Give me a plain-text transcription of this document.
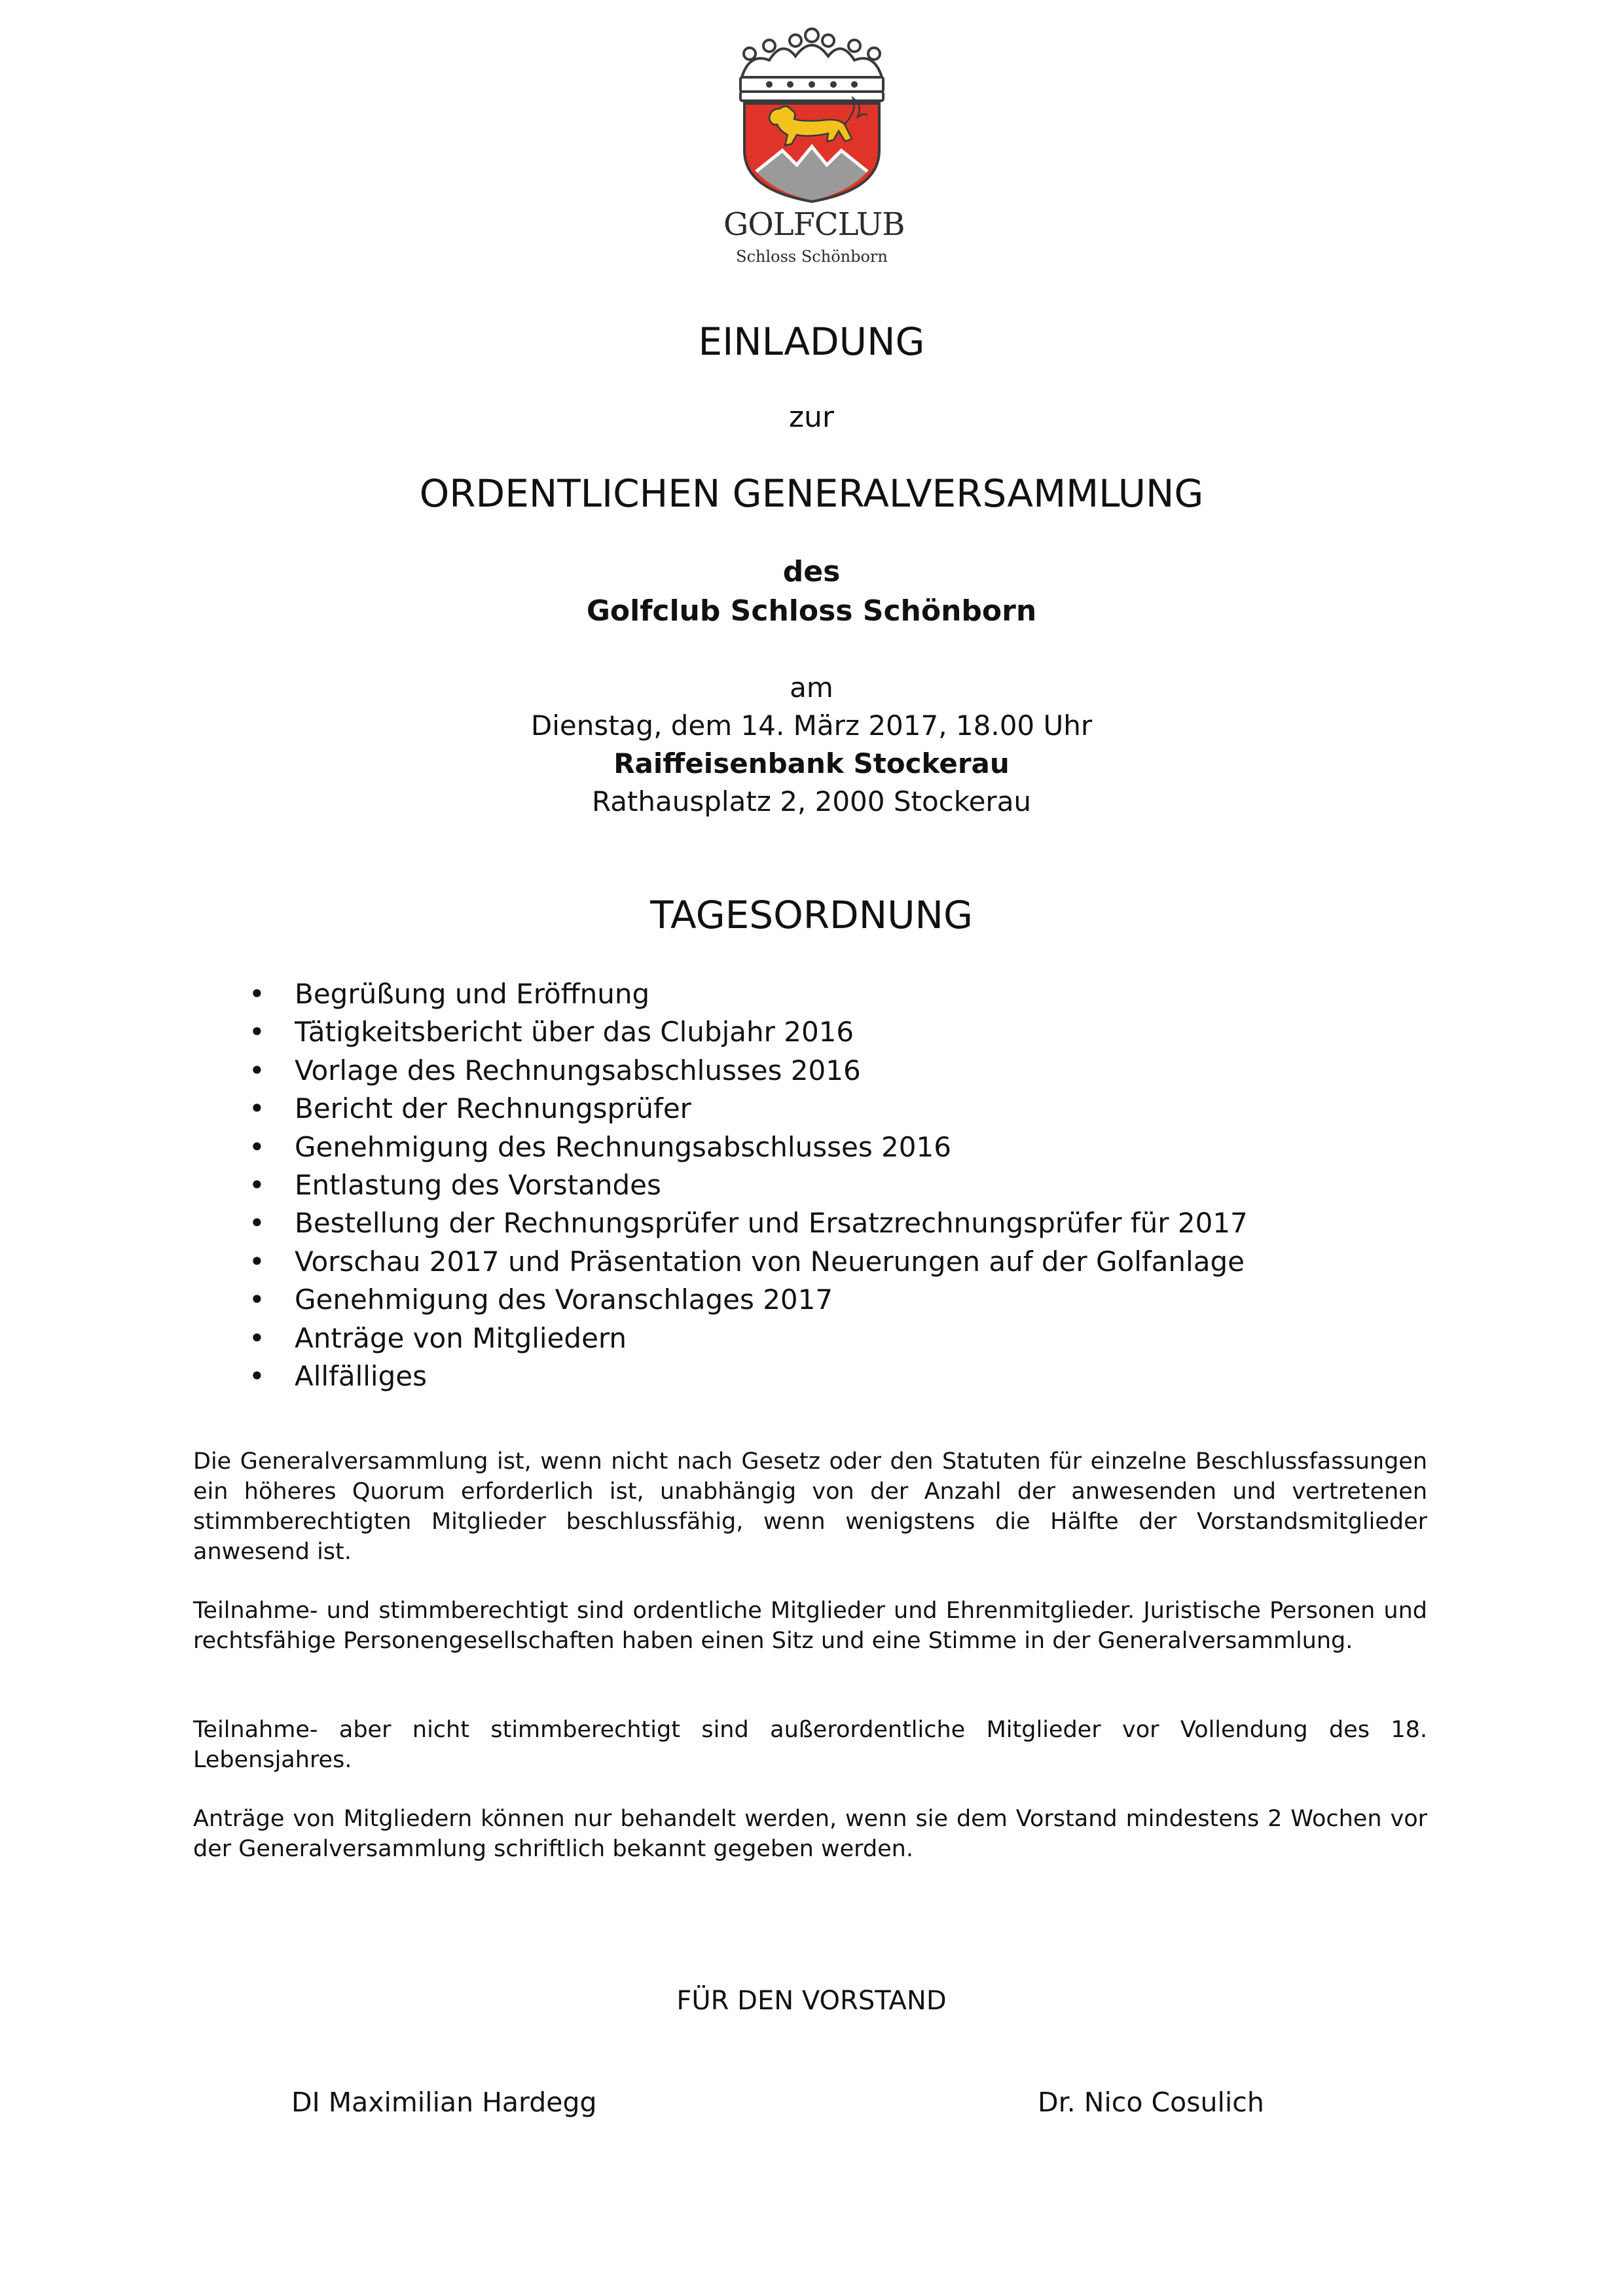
GOLFCLUB
Schloss Schönborn
EINLADUNG
zur
ORDENTLICHEN GENERALVERSAMMLUNG
des
Golfclub Schloss Schönborn
am
Dienstag, dem 14. März 2017, 18.00 Uhr
Raiffeisenbank Stockerau
Rathausplatz 2, 2000 Stockerau
TAGESORDNUNG
• Begrüßung und Eröffnung
• Tätigkeitsbericht über das Clubjahr 2016
• Vorlage des Rechnungsabschlusses 2016
• Bericht der Rechnungsprüfer
• Genehmigung des Rechnungsabschlusses 2016
• Entlastung des Vorstandes
• Bestellung der Rechnungsprüfer und Ersatzrechnungsprüfer für 2017
• Vorschau 2017 und Präsentation von Neuerungen auf der Golfanlage
• Genehmigung des Voranschlages 2017
• Anträge von Mitgliedern
• Allfälliges

Die Generalversammlung ist, wenn nicht nach Gesetz oder den Statuten für einzelne Beschlussfassungen ein höheres Quorum erforderlich ist, unabhängig von der Anzahl der anwesenden und vertretenen stimmberechtigten Mitglieder beschlussfähig, wenn wenigstens die Hälfte der Vorstandsmitglieder anwesend ist.

Teilnahme- und stimmberechtigt sind ordentliche Mitglieder und Ehrenmitglieder. Juristische Personen und rechtsfähige Personengesellschaften haben einen Sitz und eine Stimme in der Generalversammlung.

Teilnahme- aber nicht stimmberechtigt sind außerordentliche Mitglieder vor Vollendung des 18. Lebensjahres.

Anträge von Mitgliedern können nur behandelt werden, wenn sie dem Vorstand mindestens 2 Wochen vor der Generalversammlung schriftlich bekannt gegeben werden.

FÜR DEN VORSTAND
DI Maximilian Hardegg	Dr. Nico Cosulich
